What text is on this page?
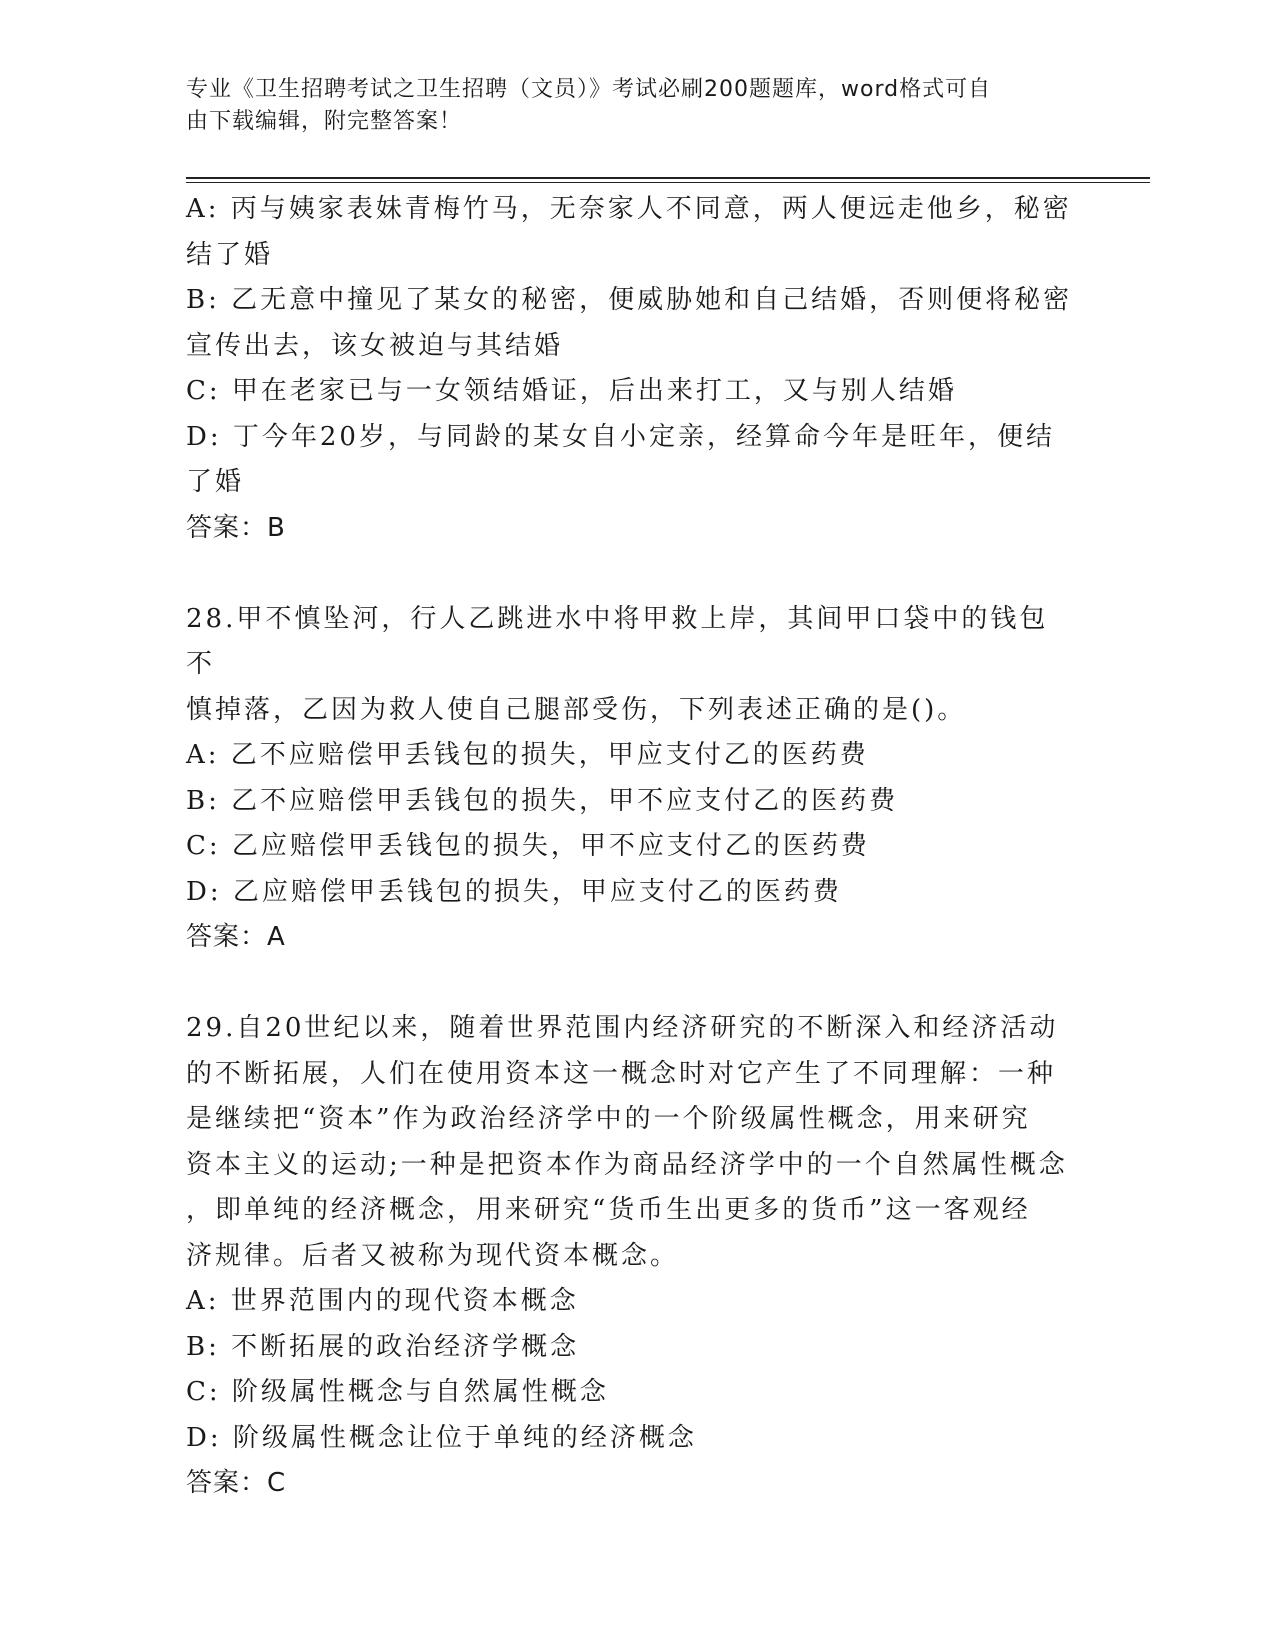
专业《卫生招聘考试之卫生招聘（文员）》考试必刷200题题库，word格式可自
由下载编辑，附完整答案！

A: 丙与姨家表妹青梅竹马，无奈家人不同意，两人便远走他乡，秘密

结了婚

B: 乙无意中撞见了某女的秘密，便威胁她和自己结婚，否则便将秘密

宣传出去，该女被迫与其结婚

C: 甲在老家已与一女领结婚证，后出来打工，又与别人结婚

D: 丁今年20岁，与同龄的某女自小定亲，经算命今年是旺年，便结

了婚

答案：B

28.甲不慎坠河，行人乙跳进水中将甲救上岸，其间甲口袋中的钱包不

慎掉落，乙因为救人使自己腿部受伤，下列表述正确的是()。

A: 乙不应赔偿甲丢钱包的损失，甲应支付乙的医药费

B: 乙不应赔偿甲丢钱包的损失，甲不应支付乙的医药费

C: 乙应赔偿甲丢钱包的损失，甲不应支付乙的医药费

D: 乙应赔偿甲丢钱包的损失，甲应支付乙的医药费

答案：A

29.自20世纪以来，随着世界范围内经济研究的不断深入和经济活动

的不断拓展，人们在使用资本这一概念时对它产生了不同理解：一种

是继续把“资本”作为政治经济学中的一个阶级属性概念，用来研究

资本主义的运动;一种是把资本作为商品经济学中的一个自然属性概念

，即单纯的经济概念，用来研究“货币生出更多的货币”这一客观经

济规律。后者又被称为现代资本概念。

A: 世界范围内的现代资本概念

B: 不断拓展的政治经济学概念

C: 阶级属性概念与自然属性概念

D: 阶级属性概念让位于单纯的经济概念

答案：C
